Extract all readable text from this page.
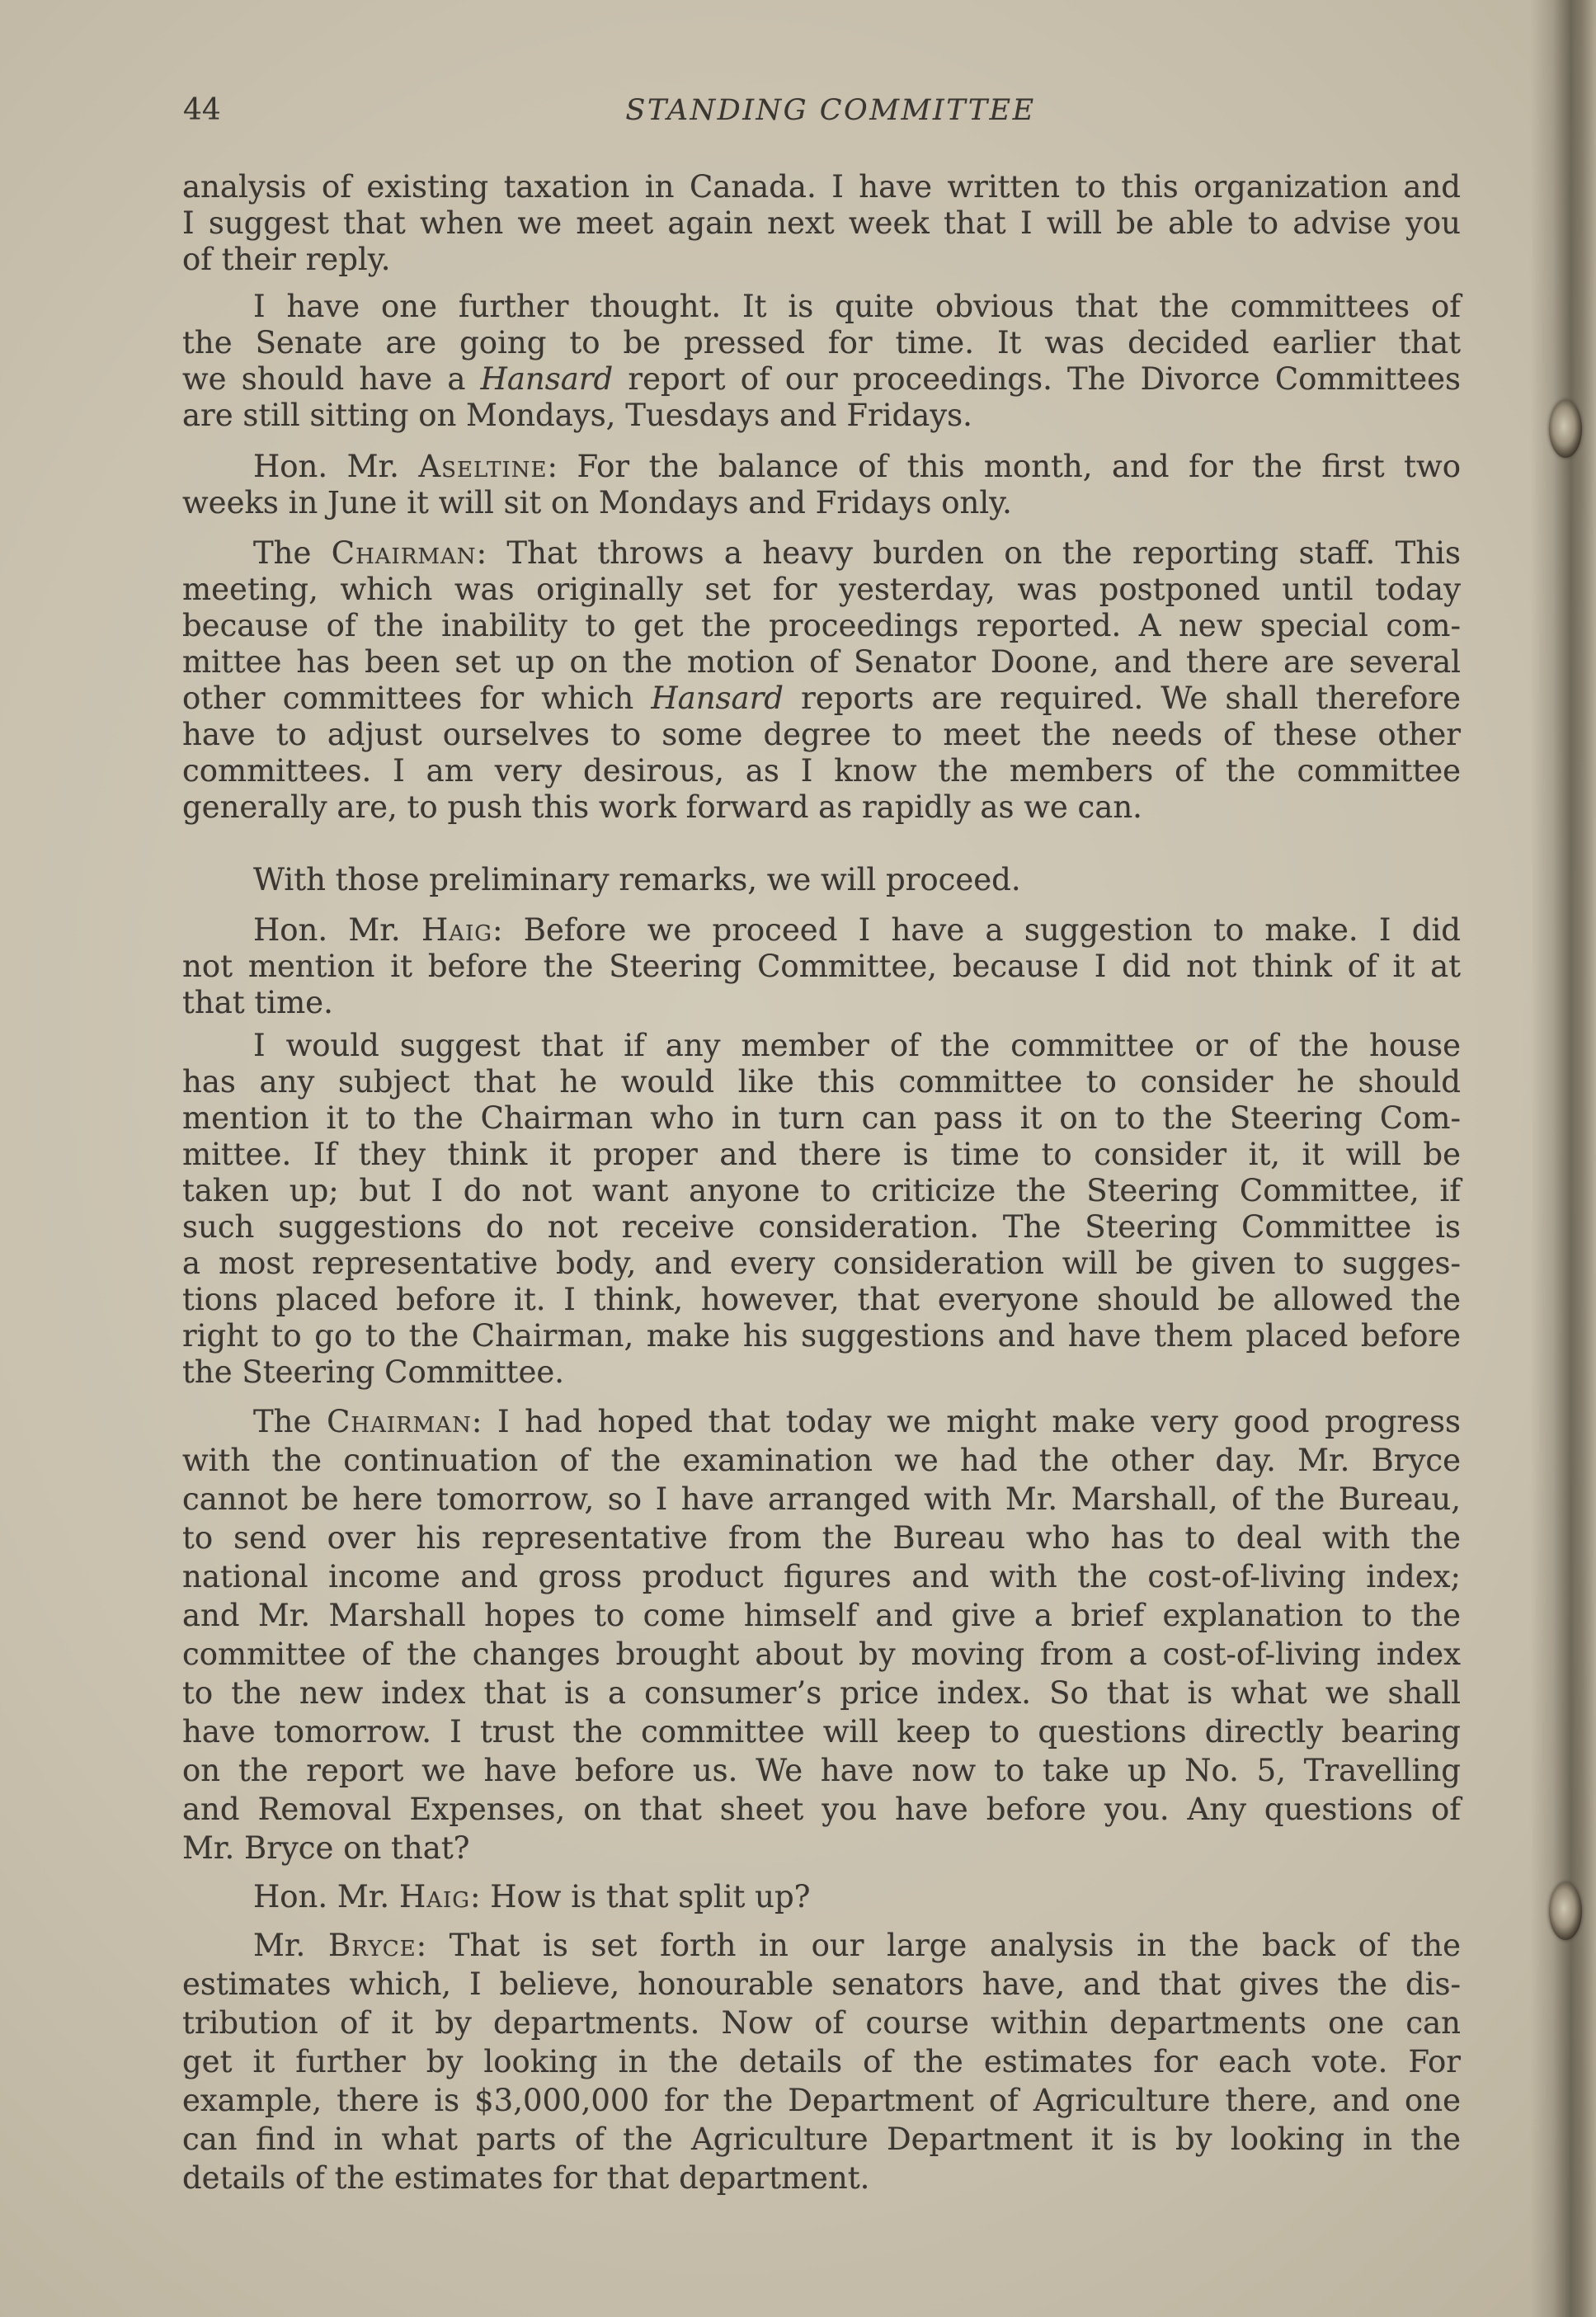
44	STANDING COMMITTEE
analysis of existing taxation in Canada. I have written to this organization and
I suggest that when we meet again next week that I will be able to advise you
of their reply.
I have one further thought. It is quite obvious that the committees of
the Senate are going to be pressed for time. It was decided earlier that
we should have a Hansard report of our proceedings. The Divorce Committees
are still sitting on Mondays, Tuesdays and Fridays.
Hon. Mr. Aseltine: For the balance of this month, and for the first two
weeks in June it will sit on Mondays and Fridays only.
The Chairman: That throws a heavy burden on the reporting staff. This
meeting, which was originally set for yesterday, was postponed until today
because of the inability to get the proceedings reported. A new special com-
mittee has been set up on the motion of Senator Doone, and there are several
other committees for which Hansard reports are required. We shall therefore
have to adjust ourselves to some degree to meet the needs of these other
committees. I am very desirous, as I know the members of the committee
generally are, to push this work forward as rapidly as we can.
With those preliminary remarks, we will proceed.
Hon. Mr. Haig: Before we proceed I have a suggestion to make. I did
not mention it before the Steering Committee, because I did not think of it at
that time.
I would suggest that if any member of the committee or of the house
has any subject that he would like this committee to consider he should
mention it to the Chairman who in turn can pass it on to the Steering Com-
mittee. If they think it proper and there is time to consider it, it will be
taken up; but I do not want anyone to criticize the Steering Committee, if
such suggestions do not receive consideration. The Steering Committee is
a most representative body, and every consideration will be given to sugges-
tions placed before it. I think, however, that everyone should be allowed the
right to go to the Chairman, make his suggestions and have them placed before
the Steering Committee.
The Chairman: I had hoped that today we might make very good progress
with the continuation of the examination we had the other day. Mr. Bryce
cannot be here tomorrow, so I have arranged with Mr. Marshall, of the Bureau,
to send over his representative from the Bureau who has to deal with the
national income and gross product figures and with the cost-of-living index;
and Mr. Marshall hopes to come himself and give a brief explanation to the
committee of the changes brought about by moving from a cost-of-living index
to the new index that is a consumer’s price index. So that is what we shall
have tomorrow. I trust the committee will keep to questions directly bearing
on the report we have before us. We have now to take up No. 5, Travelling
and Removal Expenses, on that sheet you have before you. Any questions of
Mr. Bryce on that?
Hon. Mr. Haig: How is that split up?
Mr. Bryce: That is set forth in our large analysis in the back of the
estimates which, I believe, honourable senators have, and that gives the dis-
tribution of it by departments. Now of course within departments one can
get it further by looking in the details of the estimates for each vote. For
example, there is $3,000,000 for the Department of Agriculture there, and one
can find in what parts of the Agriculture Department it is by looking in the
details of the estimates for that department.
